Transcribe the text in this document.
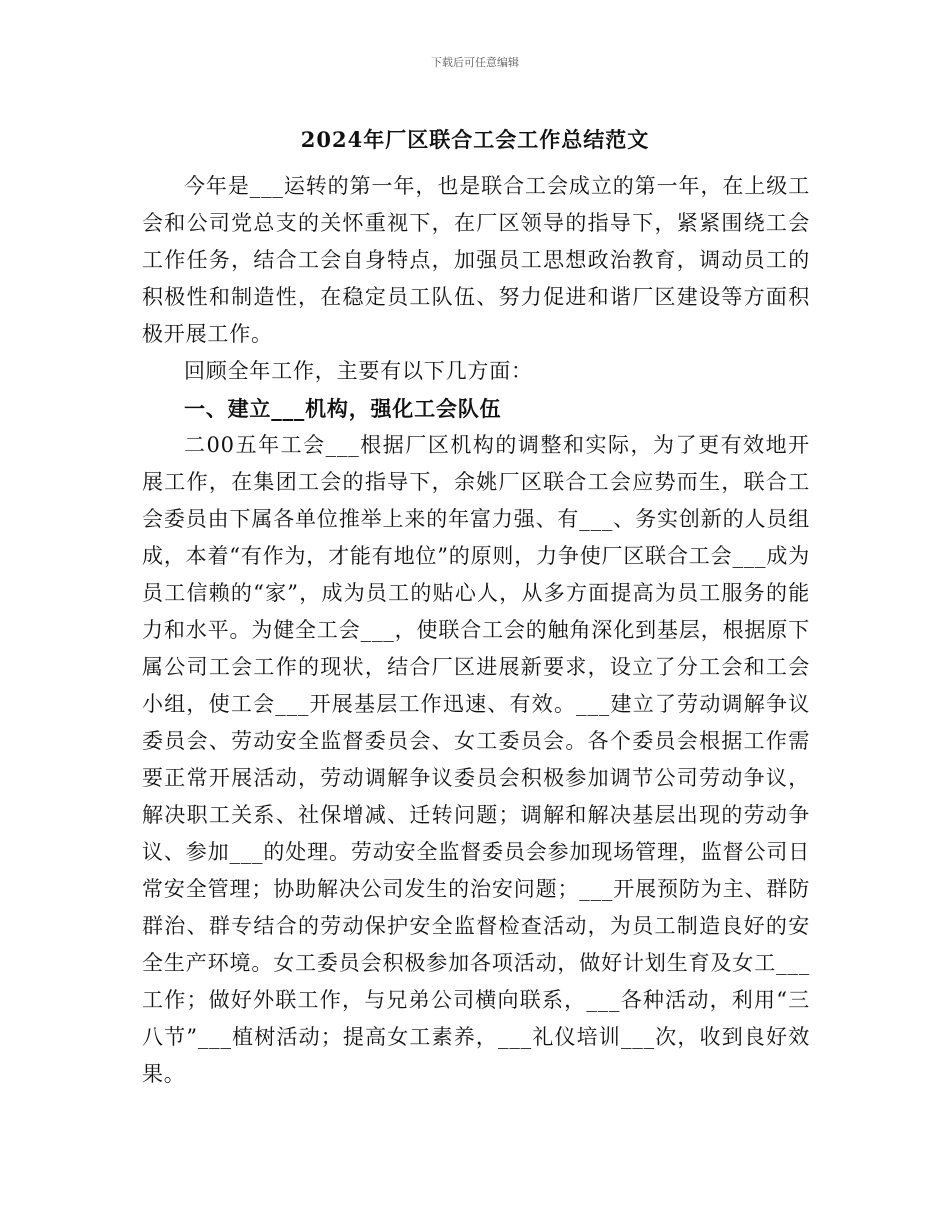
下载后可任意编辑
2024年厂区联合工会工作总结范文

今年是___运转的第一年，也是联合工会成立的第一年，在上级工会和公司党总支的关怀重视下，在厂区领导的指导下，紧紧围绕工会工作任务，结合工会自身特点，加强员工思想政治教育，调动员工的积极性和制造性，在稳定员工队伍、努力促进和谐厂区建设等方面积极开展工作。

回顾全年工作，主要有以下几方面：

一、建立___机构，强化工会队伍

二00五年工会___根据厂区机构的调整和实际，为了更有效地开展工作，在集团工会的指导下，余姚厂区联合工会应势而生，联合工会委员由下属各单位推举上来的年富力强、有___、务实创新的人员组成，本着“有作为，才能有地位”的原则，力争使厂区联合工会___成为员工信赖的“家”，成为员工的贴心人，从多方面提高为员工服务的能力和水平。为健全工会___，使联合工会的触角深化到基层，根据原下属公司工会工作的现状，结合厂区进展新要求，设立了分工会和工会小组，使工会___开展基层工作迅速、有效。___建立了劳动调解争议委员会、劳动安全监督委员会、女工委员会。各个委员会根据工作需要正常开展活动，劳动调解争议委员会积极参加调节公司劳动争议，解决职工关系、社保增减、迁转问题；调解和解决基层出现的劳动争议、参加___的处理。劳动安全监督委员会参加现场管理，监督公司日常安全管理；协助解决公司发生的治安问题；___开展预防为主、群防群治、群专结合的劳动保护安全监督检查活动，为员工制造良好的安全生产环境。女工委员会积极参加各项活动，做好计划生育及女工___工作；做好外联工作，与兄弟公司横向联系，___各种活动，利用“三八节”___植树活动；提高女工素养，___礼仪培训___次，收到良好效果。
